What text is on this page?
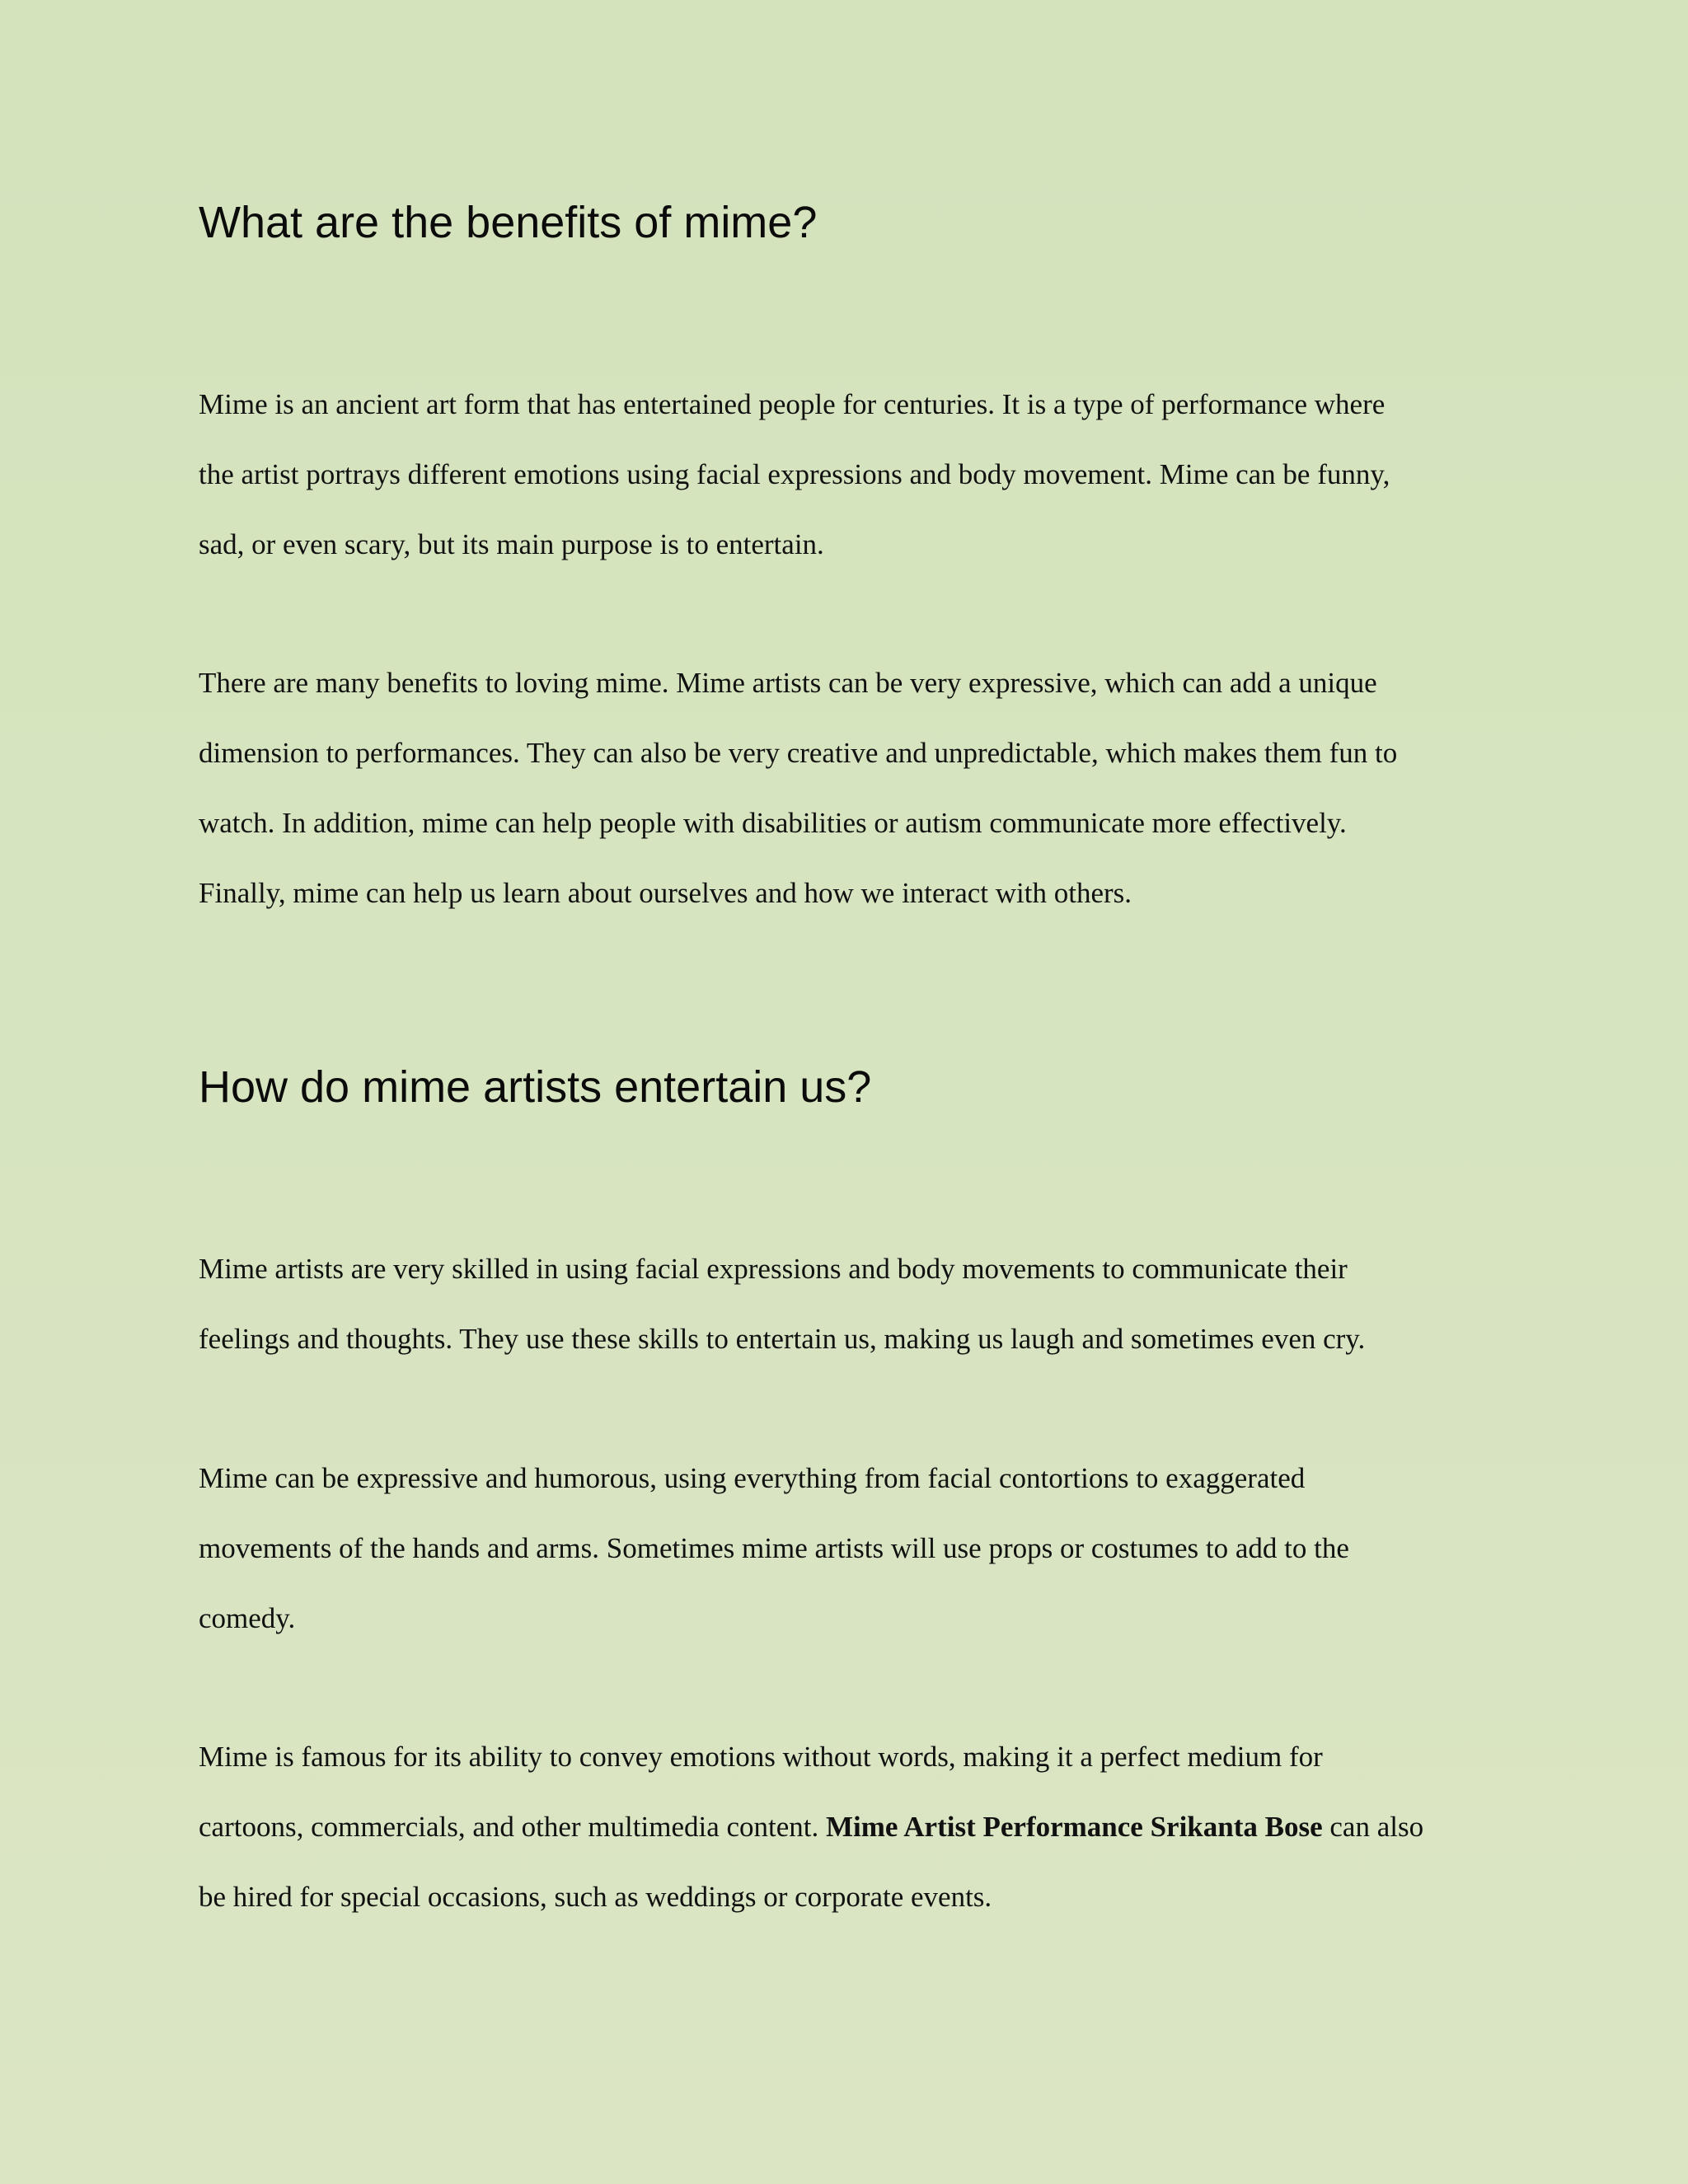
What are the benefits of mime?

Mime is an ancient art form that has entertained people for centuries. It is a type of performance where
the artist portrays different emotions using facial expressions and body movement. Mime can be funny,
sad, or even scary, but its main purpose is to entertain.

There are many benefits to loving mime. Mime artists can be very expressive, which can add a unique
dimension to performances. They can also be very creative and unpredictable, which makes them fun to
watch. In addition, mime can help people with disabilities or autism communicate more effectively.
Finally, mime can help us learn about ourselves and how we interact with others.

How do mime artists entertain us?

Mime artists are very skilled in using facial expressions and body movements to communicate their
feelings and thoughts. They use these skills to entertain us, making us laugh and sometimes even cry.

Mime can be expressive and humorous, using everything from facial contortions to exaggerated
movements of the hands and arms. Sometimes mime artists will use props or costumes to add to the
comedy.

Mime is famous for its ability to convey emotions without words, making it a perfect medium for
cartoons, commercials, and other multimedia content. Mime Artist Performance Srikanta Bose can also
be hired for special occasions, such as weddings or corporate events.
